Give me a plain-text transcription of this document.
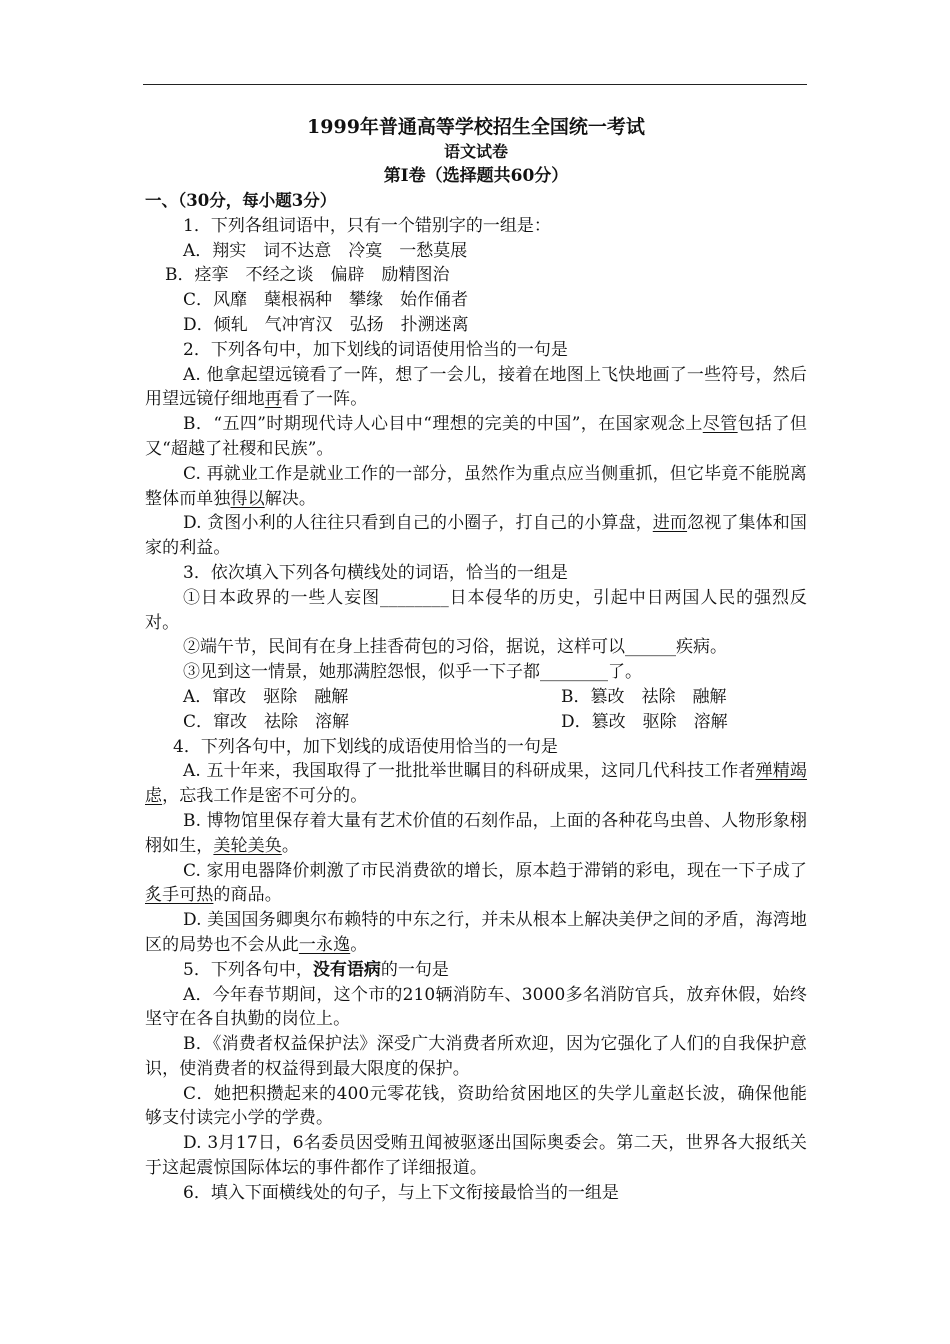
1999年普通高等学校招生全国统一考试
语文试卷
第Ⅰ卷（选择题共60分）
一、（30分，每小题3分）

1．下列各组词语中，只有一个错别字的一组是：

A．翔实　词不达意　冷寞　一愁莫展

B．痉挛　不经之谈　偏辟　励精图治

C．风靡　蘖根祸种　攀缘　始作俑者

D．倾轧　气冲宵汉　弘扬　扑溯迷离

2．下列各句中，加下划线的词语使用恰当的一句是

A. 他拿起望远镜看了一阵，想了一会儿，接着在地图上飞快地画了一些符号，然后用望远镜仔细地再看了一阵。

B．“五四”时期现代诗人心目中“理想的完美的中国”，在国家观念上尽管包括了但又“超越了社稷和民族”。

C. 再就业工作是就业工作的一部分，虽然作为重点应当侧重抓，但它毕竟不能脱离整体而单独得以解决。

D. 贪图小利的人往往只看到自己的小圈子，打自己的小算盘，进而忽视了集体和国家的利益。

3．依次填入下列各句横线处的词语，恰当的一组是

①日本政界的一些人妄图________日本侵华的历史，引起中日两国人民的强烈反对。

②端午节，民间有在身上挂香荷包的习俗，据说，这样可以______疾病。

③见到这一情景，她那满腔怨恨，似乎一下子都________了。

A．窜改　驱除　融解	B．篡改　祛除　融解
C．窜改　祛除　溶解	D．篡改　驱除　溶解

4．下列各句中，加下划线的成语使用恰当的一句是

A. 五十年来，我国取得了一批批举世瞩目的科研成果，这同几代科技工作者殚精竭虑，忘我工作是密不可分的。

B. 博物馆里保存着大量有艺术价值的石刻作品，上面的各种花鸟虫兽、人物形象栩栩如生，美轮美奂。

C. 家用电器降价刺激了市民消费欲的增长，原本趋于滞销的彩电，现在一下子成了炙手可热的商品。

D. 美国国务卿奥尔布赖特的中东之行，并未从根本上解决美伊之间的矛盾，海湾地区的局势也不会从此一永逸。

5．下列各句中，没有语病的一句是

A．今年春节期间，这个市的210辆消防车、3000多名消防官兵，放弃休假，始终坚守在各自执勤的岗位上。

B．《消费者权益保护法》深受广大消费者所欢迎，因为它强化了人们的自我保护意识，使消费者的权益得到最大限度的保护。

C．她把积攒起来的400元零花钱，资助给贫困地区的失学儿童赵长波，确保他能够支付读完小学的学费。

D. 3月17日，6名委员因受贿丑闻被驱逐出国际奥委会。第二天，世界各大报纸关于这起震惊国际体坛的事件都作了详细报道。

6．填入下面横线处的句子，与上下文衔接最恰当的一组是
